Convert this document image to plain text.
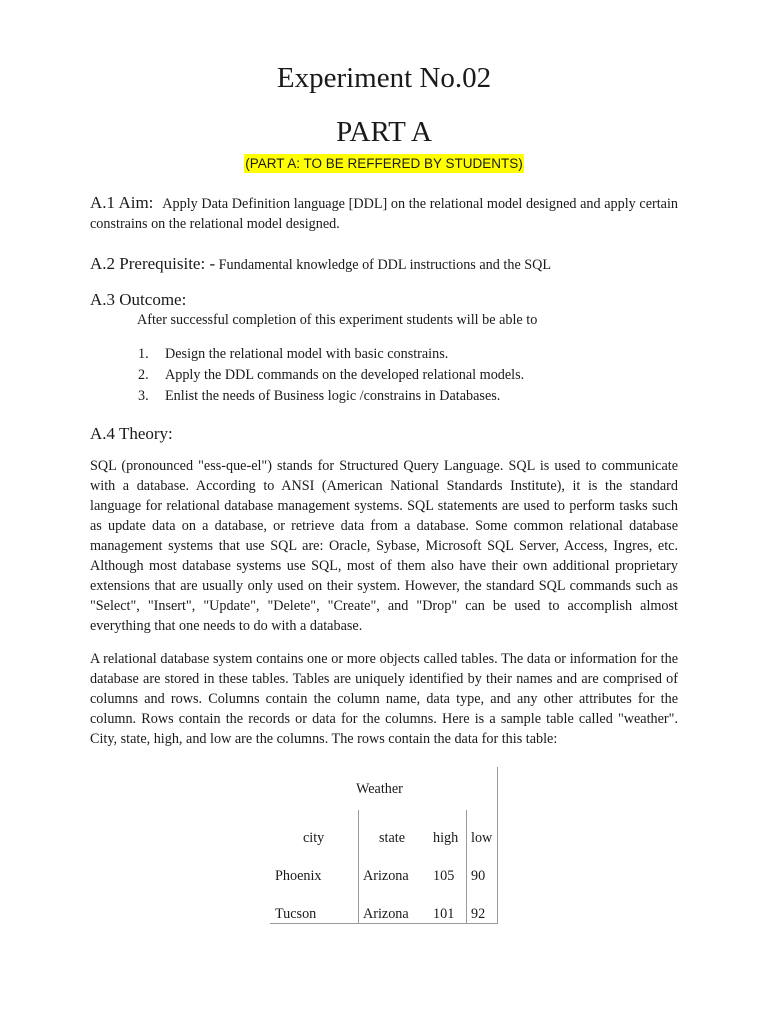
Experiment No.02
PART A
(PART A: TO BE REFFERED BY STUDENTS)
A.1 Aim: Apply Data Definition language [DDL] on the relational model designed and apply certain constrains on the relational model designed.
A.2 Prerequisite: - Fundamental knowledge of DDL instructions and the SQL
A.3 Outcome:
After successful completion of this experiment students will be able to
1. Design the relational model with basic constrains.
2. Apply the DDL commands on the developed relational models.
3. Enlist the needs of Business logic /constrains in Databases.
A.4 Theory:
SQL (pronounced "ess-que-el") stands for Structured Query Language. SQL is used to communicate with a database. According to ANSI (American National Standards Institute), it is the standard language for relational database management systems. SQL statements are used to perform tasks such as update data on a database, or retrieve data from a database. Some common relational database management systems that use SQL are: Oracle, Sybase, Microsoft SQL Server, Access, Ingres, etc. Although most database systems use SQL, most of them also have their own additional proprietary extensions that are usually only used on their system. However, the standard SQL commands such as "Select", "Insert", "Update", "Delete", "Create", and "Drop" can be used to accomplish almost everything that one needs to do with a database.
A relational database system contains one or more objects called tables. The data or information for the database are stored in these tables. Tables are uniquely identified by their names and are comprised of columns and rows. Columns contain the column name, data type, and any other attributes for the column. Rows contain the records or data for the columns. Here is a sample table called "weather". City, state, high, and low are the columns. The rows contain the data for this table:
Weather
city	state high low
Phoenix	Arizona 105 90
Tucson	Arizona 101 92
